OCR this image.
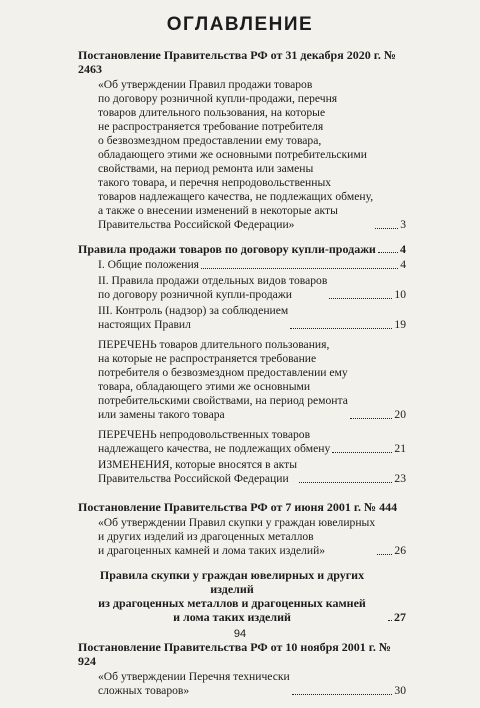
ОГЛАВЛЕНИЕ
Постановление Правительства РФ от 31 декабря 2020 г. № 2463
«Об утверждении Правил продажи товаров
по договору розничной купли-продажи, перечня
товаров длительного пользования, на которые
не распространяется требование потребителя
о безвозмездном предоставлении ему товара,
обладающего этими же основными потребительскими
свойствами, на период ремонта или замены
такого товара, и перечня непродовольственных
товаров надлежащего качества, не подлежащих обмену,
а также о внесении изменений в некоторые акты
Правительства Российской Федерации»	3
Правила продажи товаров по договору купли-продажи 4
I. Общие положения	4
II. Правила продажи отдельных видов товаров
по договору розничной купли-продажи	10
III. Контроль (надзор) за соблюдением
настоящих Правил	19
ПЕРЕЧЕНЬ товаров длительного пользования,
на которые не распространяется требование
потребителя о безвозмездном предоставлении ему
товара, обладающего этими же основными
потребительскими свойствами, на период ремонта
или замены такого товара	20
ПЕРЕЧЕНЬ непродовольственных товаров
надлежащего качества, не подлежащих обмену	21
ИЗМЕНЕНИЯ, которые вносятся в акты
Правительства Российской Федерации	23
Постановление Правительства РФ от 7 июня 2001 г. № 444
«Об утверждении Правил скупки у граждан ювелирных
и других изделий из драгоценных металлов
и драгоценных камней и лома таких изделий»	26
Правила скупки у граждан ювелирных и других изделий
из драгоценных металлов и драгоценных камней
и лома таких изделий	27
Постановление Правительства РФ от 10 ноября 2001 г. № 924
«Об утверждении Перечня технически
сложных товаров»	30
94
